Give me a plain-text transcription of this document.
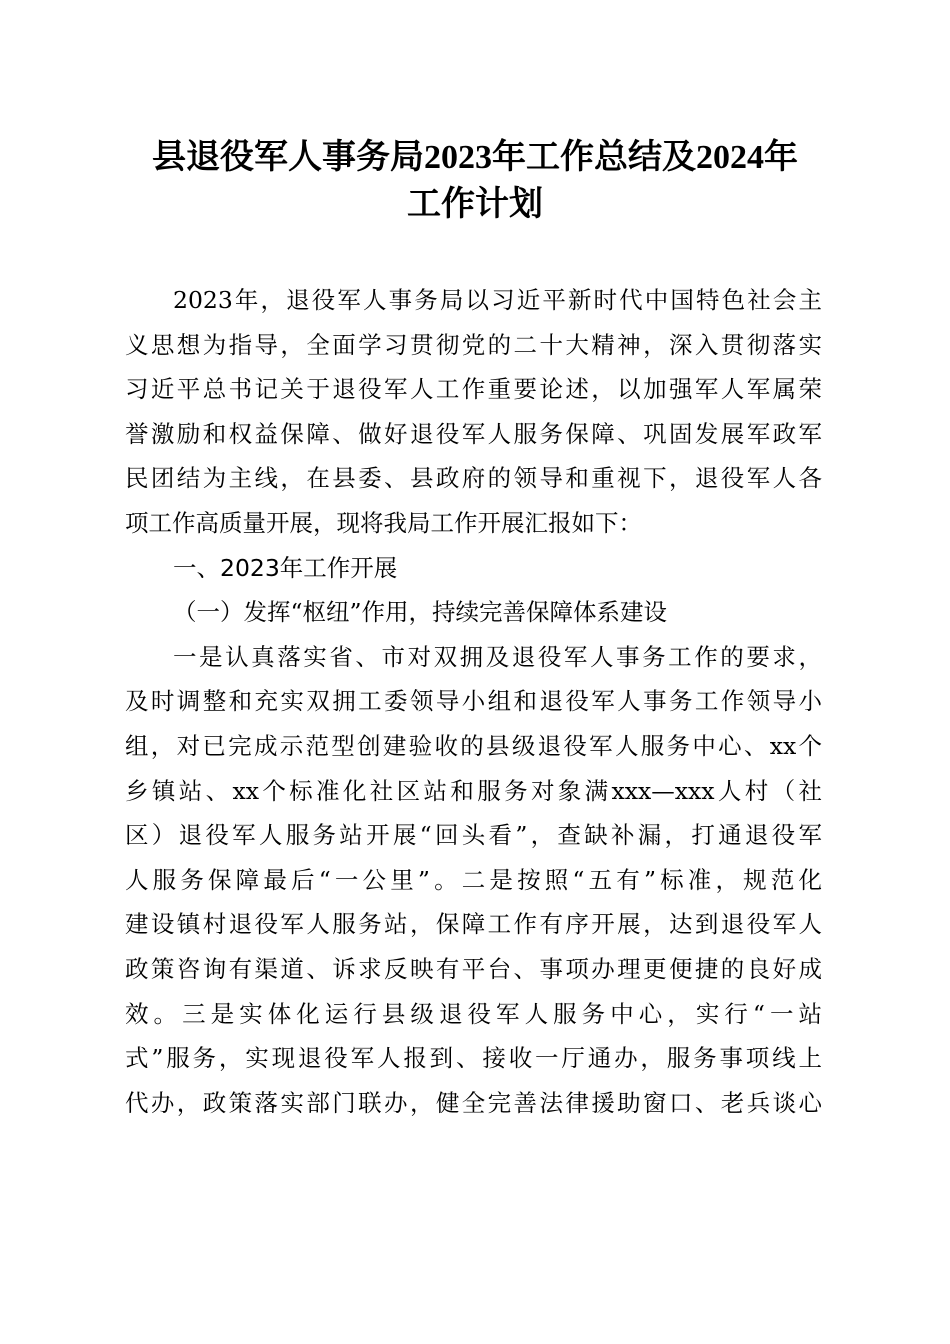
县退役军人事务局2023年工作总结及2024年
工作计划
2023年，退役军人事务局以习近平新时代中国特色社会主
义思想为指导，全面学习贯彻党的二十大精神，深入贯彻落实
习近平总书记关于退役军人工作重要论述，以加强军人军属荣
誉激励和权益保障、做好退役军人服务保障、巩固发展军政军
民团结为主线，在县委、县政府的领导和重视下，退役军人各
项工作高质量开展，现将我局工作开展汇报如下：
一、2023年工作开展
（一）发挥“枢纽”作用，持续完善保障体系建设
一是认真落实省、市对双拥及退役军人事务工作的要求，
及时调整和充实双拥工委领导小组和退役军人事务工作领导小
组，对已完成示范型创建验收的县级退役军人服务中心、xx个
乡镇站、xx个标准化社区站和服务对象满xxx—xxx人村（社
区）退役军人服务站开展“回头看”，查缺补漏，打通退役军
人服务保障最后“一公里”。二是按照“五有”标准，规范化
建设镇村退役军人服务站，保障工作有序开展，达到退役军人
政策咨询有渠道、诉求反映有平台、事项办理更便捷的良好成
效。三是实体化运行县级退役军人服务中心，实行“一站
式”服务，实现退役军人报到、接收一厅通办，服务事项线上
代办，政策落实部门联办，健全完善法律援助窗口、老兵谈心
